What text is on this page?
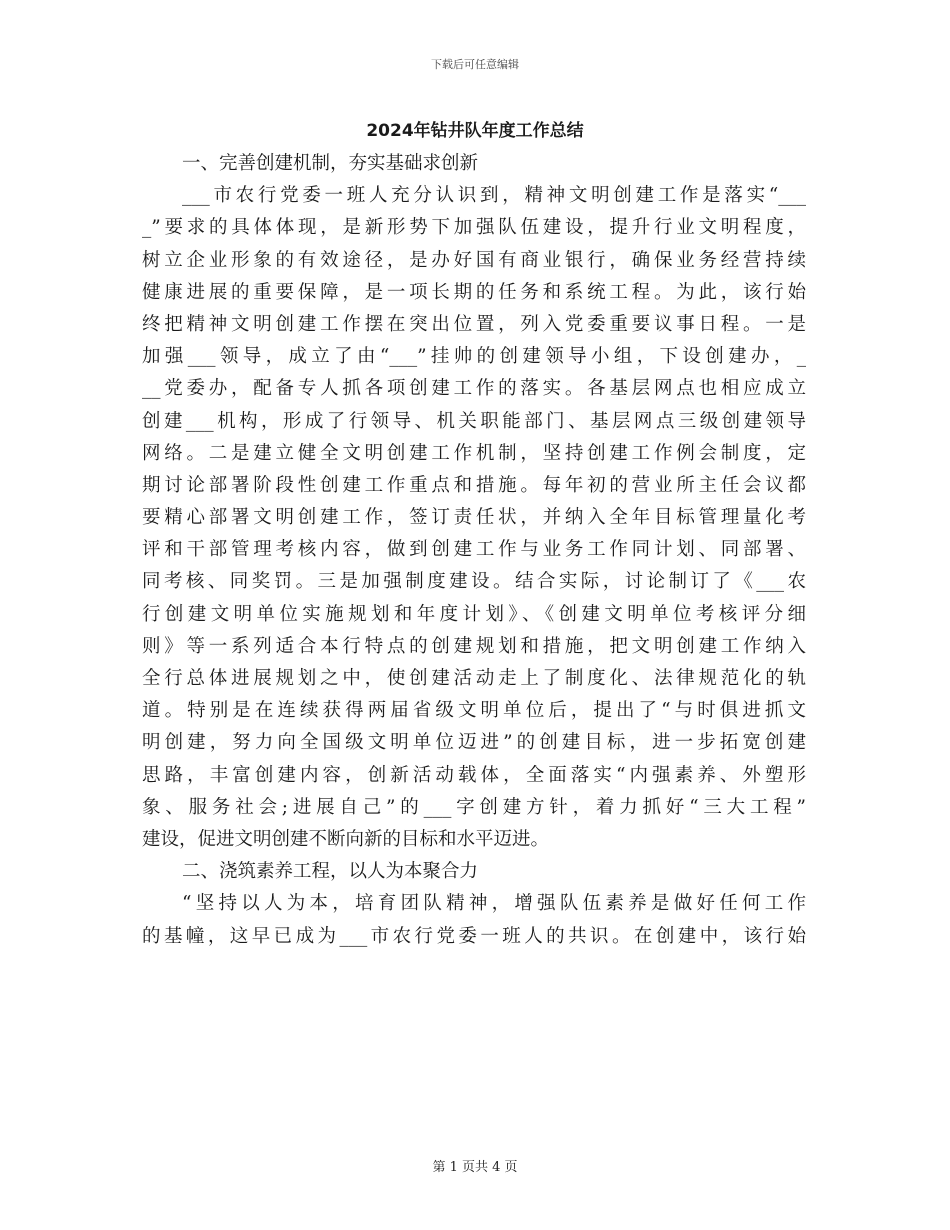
下载后可任意编辑
2024年钻井队年度工作总结
一、完善创建机制，夯实基础求创新
___市农行党委一班人充分认识到，精神文明创建工作是落实“___
_”要求的具体体现，是新形势下加强队伍建设，提升行业文明程度，
树立企业形象的有效途径，是办好国有商业银行，确保业务经营持续
健康进展的重要保障，是一项长期的任务和系统工程。为此，该行始
终把精神文明创建工作摆在突出位置，列入党委重要议事日程。一是
加强___领导，成立了由“___”挂帅的创建领导小组，下设创建办，_
__党委办，配备专人抓各项创建工作的落实。各基层网点也相应成立
创建___机构，形成了行领导、机关职能部门、基层网点三级创建领导
网络。二是建立健全文明创建工作机制，坚持创建工作例会制度，定
期讨论部署阶段性创建工作重点和措施。每年初的营业所主任会议都
要精心部署文明创建工作，签订责任状，并纳入全年目标管理量化考
评和干部管理考核内容，做到创建工作与业务工作同计划、同部署、
同考核、同奖罚。三是加强制度建设。结合实际，讨论制订了《___农
行创建文明单位实施规划和年度计划》、《创建文明单位考核评分细
则》等一系列适合本行特点的创建规划和措施，把文明创建工作纳入
全行总体进展规划之中，使创建活动走上了制度化、法律规范化的轨
道。特别是在连续获得两届省级文明单位后，提出了“与时俱进抓文
明创建，努力向全国级文明单位迈进”的创建目标，进一步拓宽创建
思路，丰富创建内容，创新活动载体，全面落实“内强素养、外塑形
象、服务社会;进展自己”的___字创建方针，着力抓好“三大工程”
建设，促进文明创建不断向新的目标和水平迈进。
二、浇筑素养工程，以人为本聚合力
“坚持以人为本，培育团队精神，增强队伍素养是做好任何工作
的基幢，这早已成为___市农行党委一班人的共识。在创建中，该行始
第 1 页共 4 页
